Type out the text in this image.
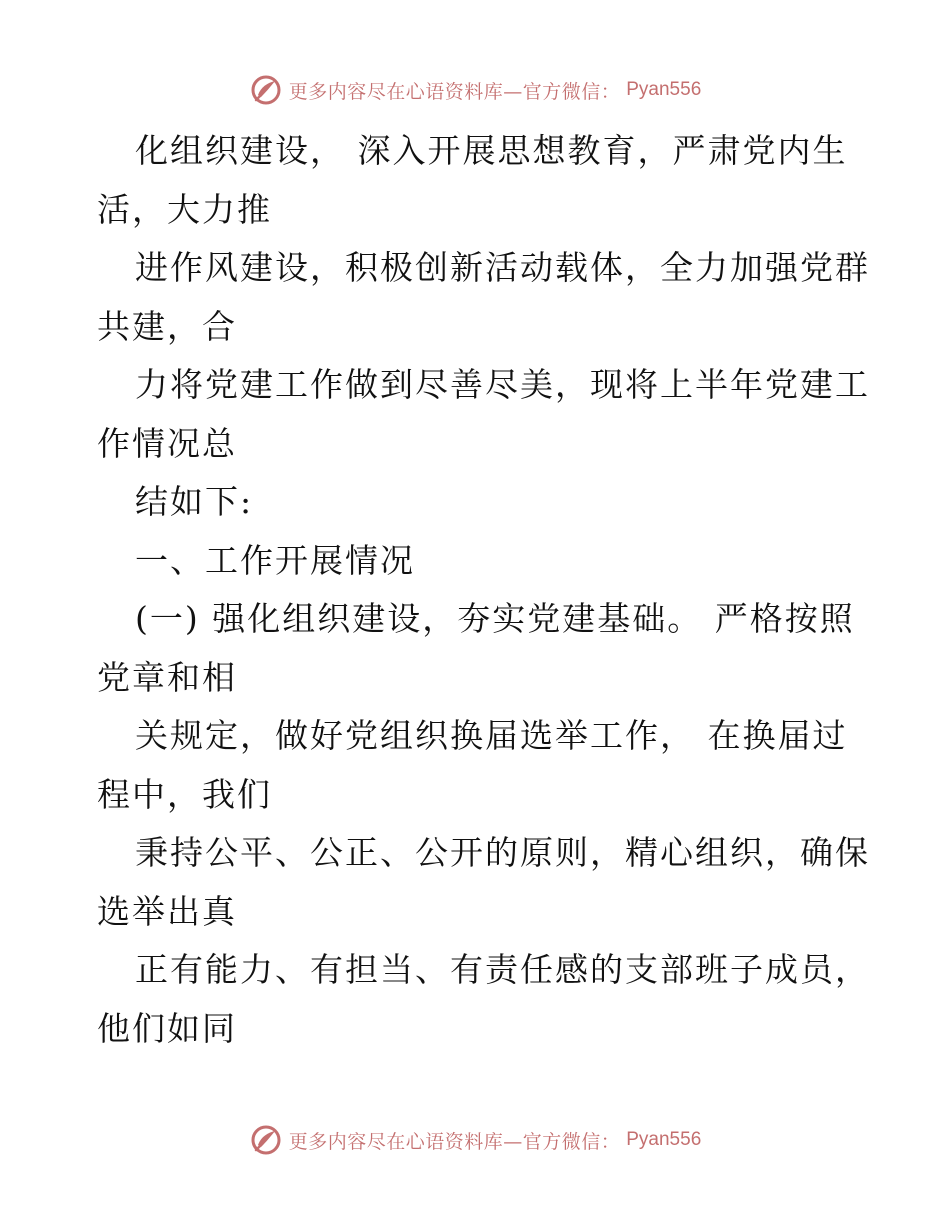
更多内容尽在心语资料库—官方微信： Pyan556
化组织建设， 深入开展思想教育，严肃党内生
活，大力推
进作风建设，积极创新活动载体，全力加强党群
共建，合
力将党建工作做到尽善尽美，现将上半年党建工
作情况总
结如下:
一、工作开展情况
(一) 强化组织建设，夯实党建基础。 严格按照
党章和相
关规定，做好党组织换届选举工作， 在换届过
程中，我们
秉持公平、公正、公开的原则，精心组织，确保
选举出真
正有能力、有担当、有责任感的支部班子成员，
他们如同
更多内容尽在心语资料库—官方微信： Pyan556
